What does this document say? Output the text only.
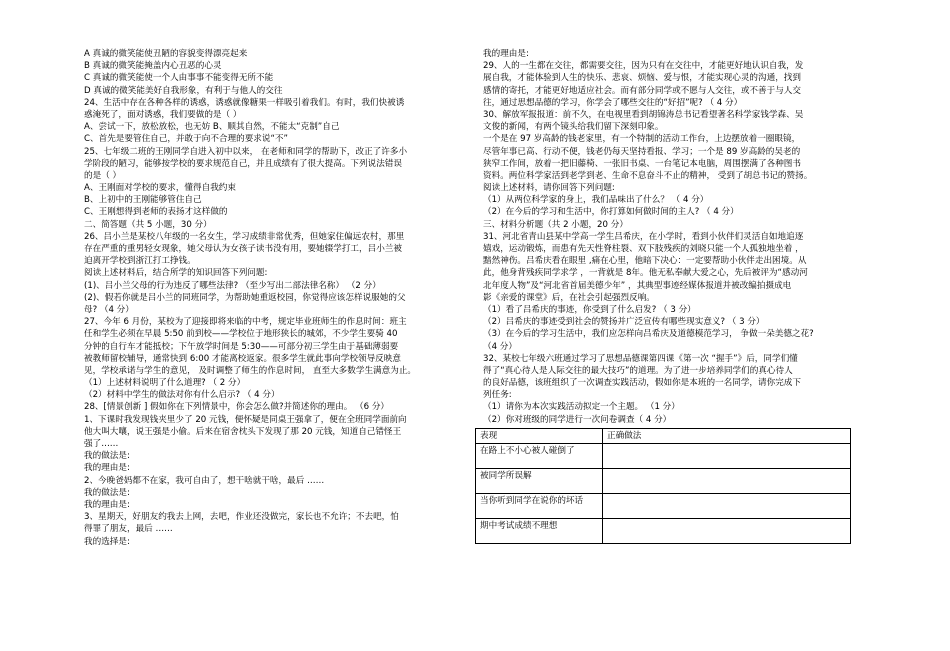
A 真诚的微笑能使丑陋的容貌变得漂亮起来
B 真诚的微笑能掩盖内心丑恶的心灵
C 真诚的微笑能使一个人由事事不能变得无所不能
D 真诚的微笑能美好自我形象，有利于与他人的交往
24、生活中存在各种各样的诱惑，诱惑就像糖果一样吸引着我们。有时，我们快被诱
惑淹死了，面对诱惑，我们要做的是（ ）
A、尝试一下，放松放松，也无妨 B、顺其自然，不能太“克制”自己
C、首先是要管住自己，并敢于向不合理的要求说“不”
25、七年级二班的王刚同学自进入初中以来， 在老师和同学的帮助下，改正了许多小
学阶段的陋习，能够按学校的要求规范自己，并且成绩有了很大提高。下列说法错误
的是（ ）
A、王刚面对学校的要求，懂得自我约束
B、上初中的王刚能够管住自己
C、王刚想得到老师的表扬才这样做的
二、简答题（共 5 小题，30 分）
26、吕小兰是某校八年级的一名女生，学习成绩非常优秀，但她家住偏远农村，那里
存在严重的重男轻女现象，她父母认为女孩子读书没有用，要她辍学打工，吕小兰被
迫离开学校到浙江打工挣钱。
阅读上述材料后，结合所学的知识回答下列问题:
(1)、吕小兰父母的行为违反了哪些法律? （至少写出二部法律名称） （2 分）
(2)、假若你就是吕小兰的同班同学，为帮助她重返校园，你觉得应该怎样说服她的父
母? （4 分）
27、今年 6 月份，某校为了迎接即将来临的中考，规定毕业班师生的作息时间：班主
任和学生必须在早晨 5:50 前到校——学校位于地形狭长的城郊，不少学生要骑 40
分钟的自行车才能抵校；下午放学时间是 5:30——可部分初三学生由于基础薄弱要
被教师留校辅导，通常快到 6:00 才能离校返家。很多学生就此事向学校领导反映意
见，学校承诺与学生的意见， 及时调整了师生的作息时间， 直至大多数学生满意为止。
（1）上述材料说明了什么道理? （ 2 分）
（2）材料中学生的做法对你有什么启示? （ 4 分）
28、[情景创新 ] 假如你在下列情景中，你会怎么做?并简述你的理由。 （6 分）
1、下课时我发现钱夹里少了 20 元钱，便怀疑是同桌王强拿了，便在全班同学面前向
他大叫大嚷，说王强是小偷。后来在宿舍枕头下发现了那 20 元钱，知道自己错怪王
强了……
我的做法是:
我的理由是:
2、今晚爸妈都不在家，我可自由了，想干啥就干啥，最后 ……
我的做法是:
我的理由是:
3、星期天，好朋友约我去上网，去吧，作业还没做完，家长也不允许；不去吧，怕
得罪了朋友，最后 ……
我的选择是:
我的理由是:
29、人的一生都在交往，都需要交往，因为只有在交往中，才能更好地认识自我，发
展自我，才能体验到人生的快乐、悲哀、烦恼、爱与恨，才能实现心灵的沟通，找到
感情的寄托，才能更好地适应社会。而有部分同学或不愿与人交往，或不善于与人交
往，通过思想品德的学习，你学会了哪些交往的“好招”呢? （ 4 分）
30、解放军报报道：前不久，在电视里看到胡锦涛总书记看望著名科学家钱学森、吴
文俊的新闻，有两个镜头给我们留下深刻印象。
一个是在 97 岁高龄的钱老家里，有一个特制的活动工作台，上边摆放着一圈眼镜，
尽管年事已高、行动不便，钱老仍每天坚持看报、学习；一个是 89 岁高龄的吴老的
狭窄工作间，放着一把旧藤椅、一张旧书桌、一台笔记本电脑，周围摆满了各种图书
资料。两位科学家活到老学到老、生命不息奋斗不止的精神， 受到了胡总书记的赞扬。
阅读上述材料，请你回答下列问题:
（1）从两位科学家的身上，我们品味出了什么？ （ 4 分）
（2）在今后的学习和生活中，你打算如何做时间的主人? （ 4 分）
三、材料分析题（共 2 小题，20 分）
31、河北省青山县某中学高一学生吕希庆，在小学时，看到小伙伴们灵活自如地追逐
嬉戏，运动锻炼，而患有先天性脊柱裂、双下肢残疾的刘晓只能一个人孤独地坐着 ，
黯然神伤。吕希庆看在眼里 ,痛在心里，他暗下决心：一定要帮助小伙伴走出困境。从
此，他身背残疾同学求学 ，一背就是 8年。他无私奉献大爱之心，先后被评为“感动河
北年度人物”及“河北省首届美德少年” ，其典型事迹经媒体报道并被改编拍摄成电
影《亲爱的课堂》后，在社会引起强烈反响。
（1）看了吕希庆的事迹，你受到了什么启发? （ 3 分）
（2）吕希庆的事迹受到社会的赞扬并广泛宣传有哪些现实意义? （ 3 分）
（3）在今后的学习生活中，我们应怎样向吕希庆及道德模范学习， 争做一朵美德之花?
（4 分）
32、某校七年级六班通过学习了思想品德课第四课《第一次 “握手”》后，同学们懂
得了“真心待人是人际交往的最大技巧”的道理。为了进一步培养同学们的真心待人
的良好品德，该班组织了一次调查实践活动，假如你是本班的一名同学，请你完成下
列任务:
（1）请你为本次实践活动拟定一个主题。 （1 分）
（2）你对班级的同学进行一次问卷调查（ 4 分）
表现	正确做法
在路上不小心被人碰倒了	
被同学所误解	
当你听到同学在说你的坏话	
期中考试成绩不理想	
